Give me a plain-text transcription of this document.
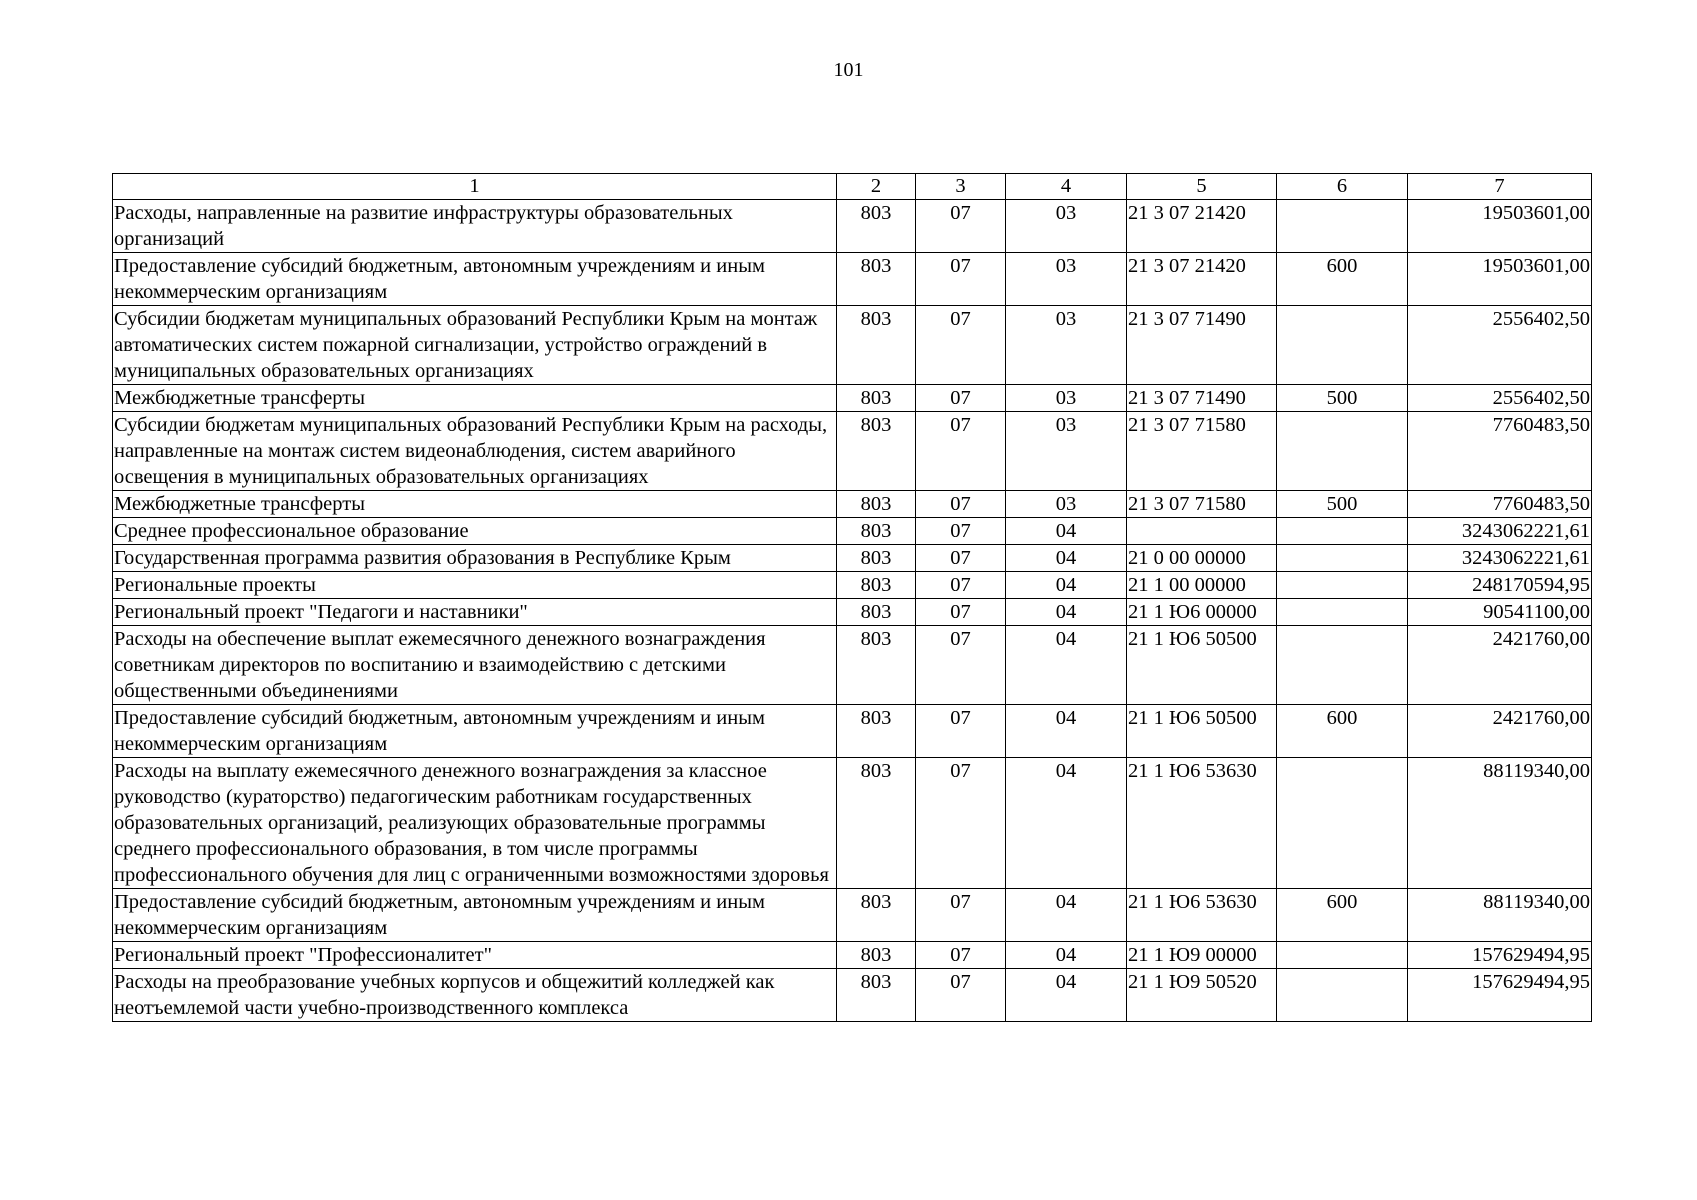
101
1	2	3	4	5	6	7
Расходы, направленные на развитие инфраструктуры образовательных организаций	803	07	03	21 3 07 21420		19503601,00
Предоставление субсидий бюджетным, автономным учреждениям и иным некоммерческим организациям	803	07	03	21 3 07 21420	600	19503601,00
Субсидии бюджетам муниципальных образований Республики Крым на монтаж автоматических систем пожарной сигнализации, устройство ограждений в муниципальных образовательных организациях	803	07	03	21 3 07 71490		2556402,50
Межбюджетные трансферты	803	07	03	21 3 07 71490	500	2556402,50
Субсидии бюджетам муниципальных образований Республики Крым на расходы, направленные на монтаж систем видеонаблюдения, систем аварийного освещения в муниципальных образовательных организациях	803	07	03	21 3 07 71580		7760483,50
Межбюджетные трансферты	803	07	03	21 3 07 71580	500	7760483,50
Среднее профессиональное образование	803	07	04			3243062221,61
Государственная программа развития образования в Республике Крым	803	07	04	21 0 00 00000		3243062221,61
Региональные проекты	803	07	04	21 1 00 00000		248170594,95
Региональный проект "Педагоги и наставники"	803	07	04	21 1 Ю6 00000		90541100,00
Расходы на обеспечение выплат ежемесячного денежного вознаграждения советникам директоров по воспитанию и взаимодействию с детскими общественными объединениями	803	07	04	21 1 Ю6 50500		2421760,00
Предоставление субсидий бюджетным, автономным учреждениям и иным некоммерческим организациям	803	07	04	21 1 Ю6 50500	600	2421760,00
Расходы на выплату ежемесячного денежного вознаграждения за классное руководство (кураторство) педагогическим работникам государственных образовательных организаций, реализующих образовательные программы среднего профессионального образования, в том числе программы профессионального обучения для лиц с ограниченными возможностями здоровья	803	07	04	21 1 Ю6 53630		88119340,00
Предоставление субсидий бюджетным, автономным учреждениям и иным некоммерческим организациям	803	07	04	21 1 Ю6 53630	600	88119340,00
Региональный проект "Профессионалитет"	803	07	04	21 1 Ю9 00000		157629494,95
Расходы на преобразование учебных корпусов и общежитий колледжей как неотъемлемой части учебно-производственного комплекса	803	07	04	21 1 Ю9 50520		157629494,95
